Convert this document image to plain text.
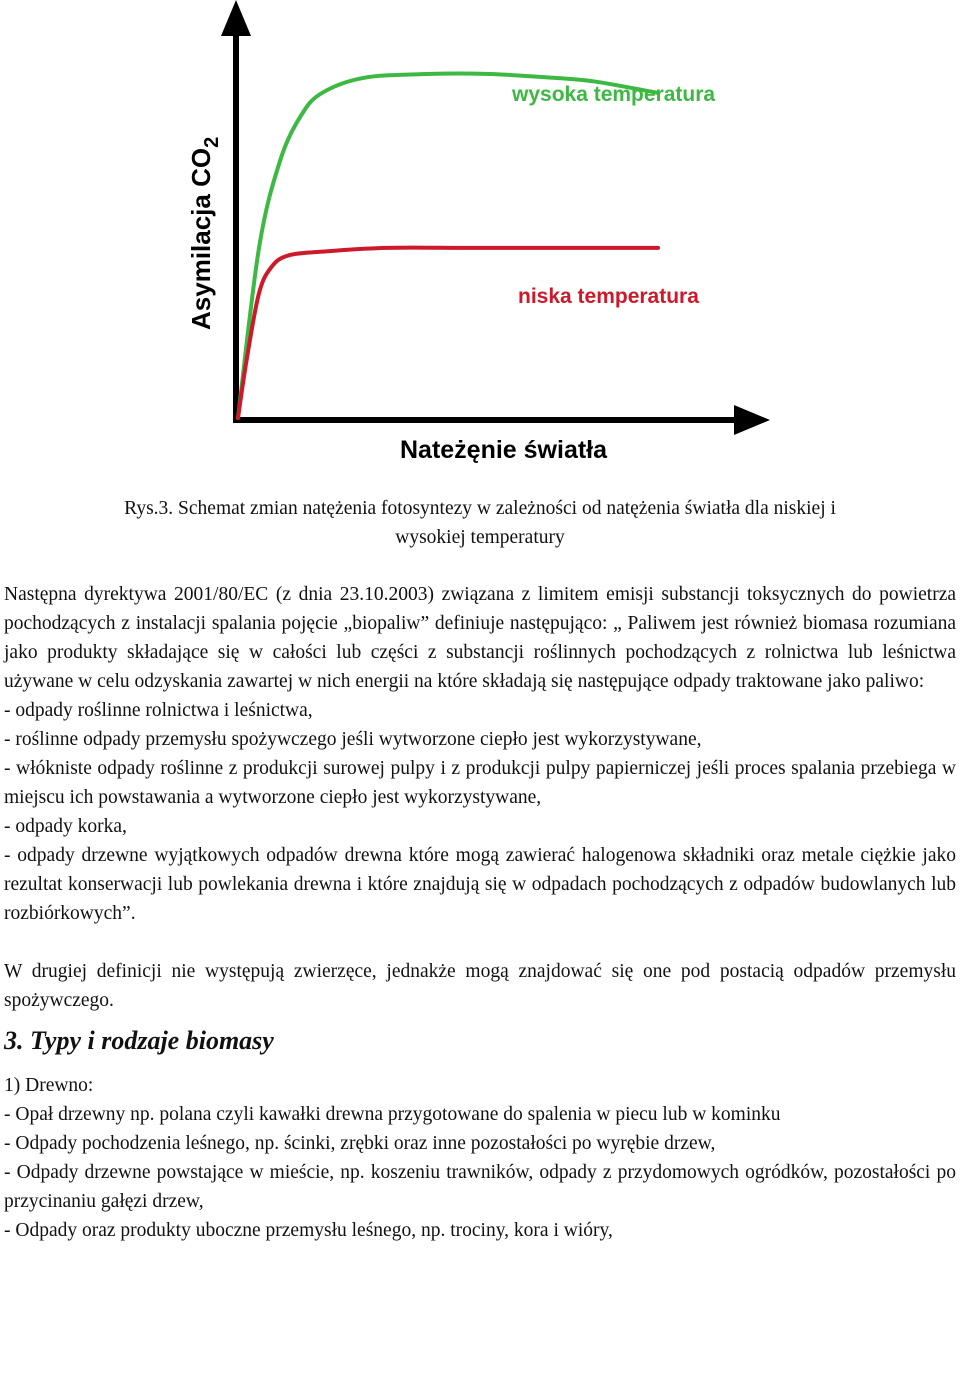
wysoka temperatura
niska temperatura
Nateżęnie światła
Asymilacja $CO_2$
Rys.3. Schemat zmian natężenia fotosyntezy w zależności od natężenia światła dla niskiej i
wysokiej temperatury

Następna dyrektywa 2001/80/EC (z dnia 23.10.2003) związana z limitem emisji substancji toksycznych do powietrza pochodzących z instalacji spalania pojęcie „biopaliw” definiuje następująco: „ Paliwem jest również biomasa rozumiana jako produkty składające się w całości lub części z substancji roślinnych pochodzących z rolnictwa lub leśnictwa używane w celu odzyskania zawartej w nich energii na które składają się następujące odpady traktowane jako paliwo:

- odpady roślinne rolnictwa i leśnictwa,

- roślinne odpady przemysłu spożywczego jeśli wytworzone ciepło jest wykorzystywane,

- włókniste odpady roślinne z produkcji surowej pulpy i z produkcji pulpy papierniczej jeśli proces spalania przebiega w miejscu ich powstawania a wytworzone ciepło jest wykorzystywane,

- odpady korka,

- odpady drzewne wyjątkowych odpadów drewna które mogą zawierać halogenowa składniki oraz metale ciężkie jako rezultat konserwacji lub powlekania drewna i które znajdują się w odpadach pochodzących z odpadów budowlanych lub rozbiórkowych”.

W drugiej definicji nie występują zwierzęce, jednakże mogą znajdować się one pod postacią odpadów przemysłu spożywczego.

3. Typy i rodzaje biomasy

1) Drewno:

- Opał drzewny np. polana czyli kawałki drewna przygotowane do spalenia w piecu lub w kominku

- Odpady pochodzenia leśnego, np. ścinki, zrębki oraz inne pozostałości po wyrębie drzew,

- Odpady drzewne powstające w mieście, np. koszeniu trawników, odpady z przydomowych ogródków, pozostałości po przycinaniu gałęzi drzew,

- Odpady oraz produkty uboczne przemysłu leśnego, np. trociny, kora i wióry,
